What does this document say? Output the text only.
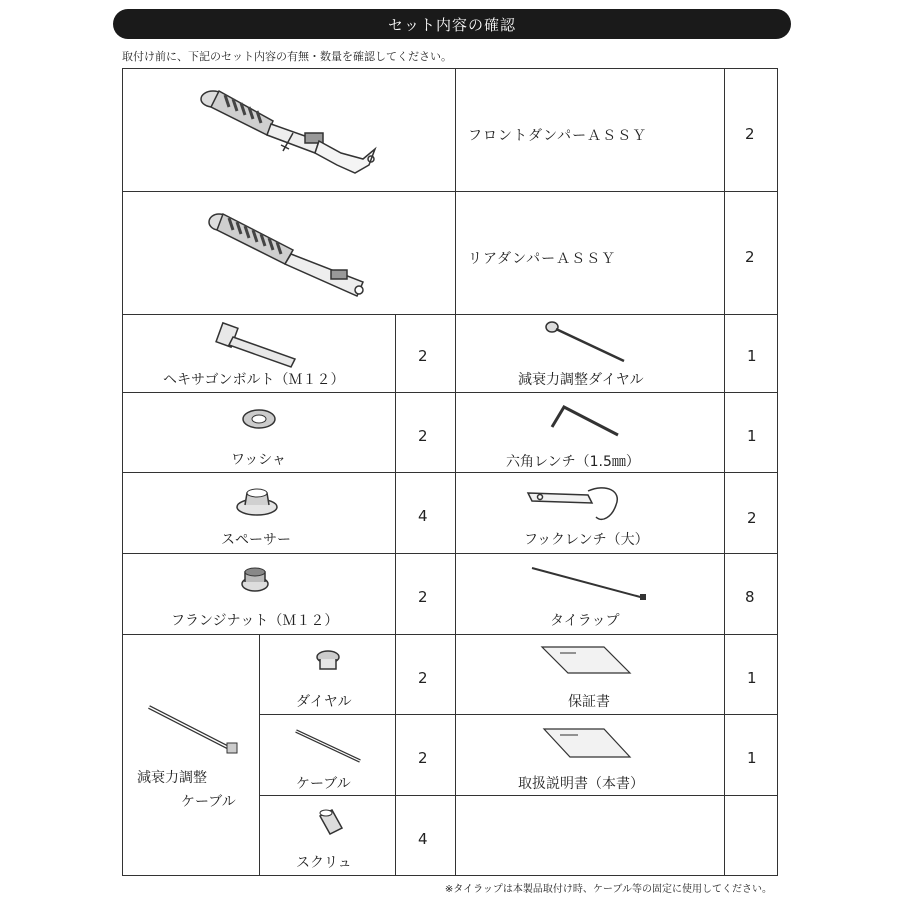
セット内容の確認
取付け前に、下記のセット内容の有無・数量を確認してください。
フロントダンパーＡＳＳＹ	2
リアダンパーＡＳＳＹ	2
ヘキサゴンボルト（Ｍ１２）
2
減衰力調整ダイヤル
1
ワッシャ
2
六角レンチ（1.5㎜）
1
スペーサー
4
フックレンチ（大）
2
フランジナット（Ｍ１２）
2
タイラップ
8
減衰力調整
ケーブル
ダイヤル
2
ケーブル
2
スクリュ
4
保証書
1
取扱説明書（本書）
1
※タイラップは本製品取付け時、ケーブル等の固定に使用してください。
